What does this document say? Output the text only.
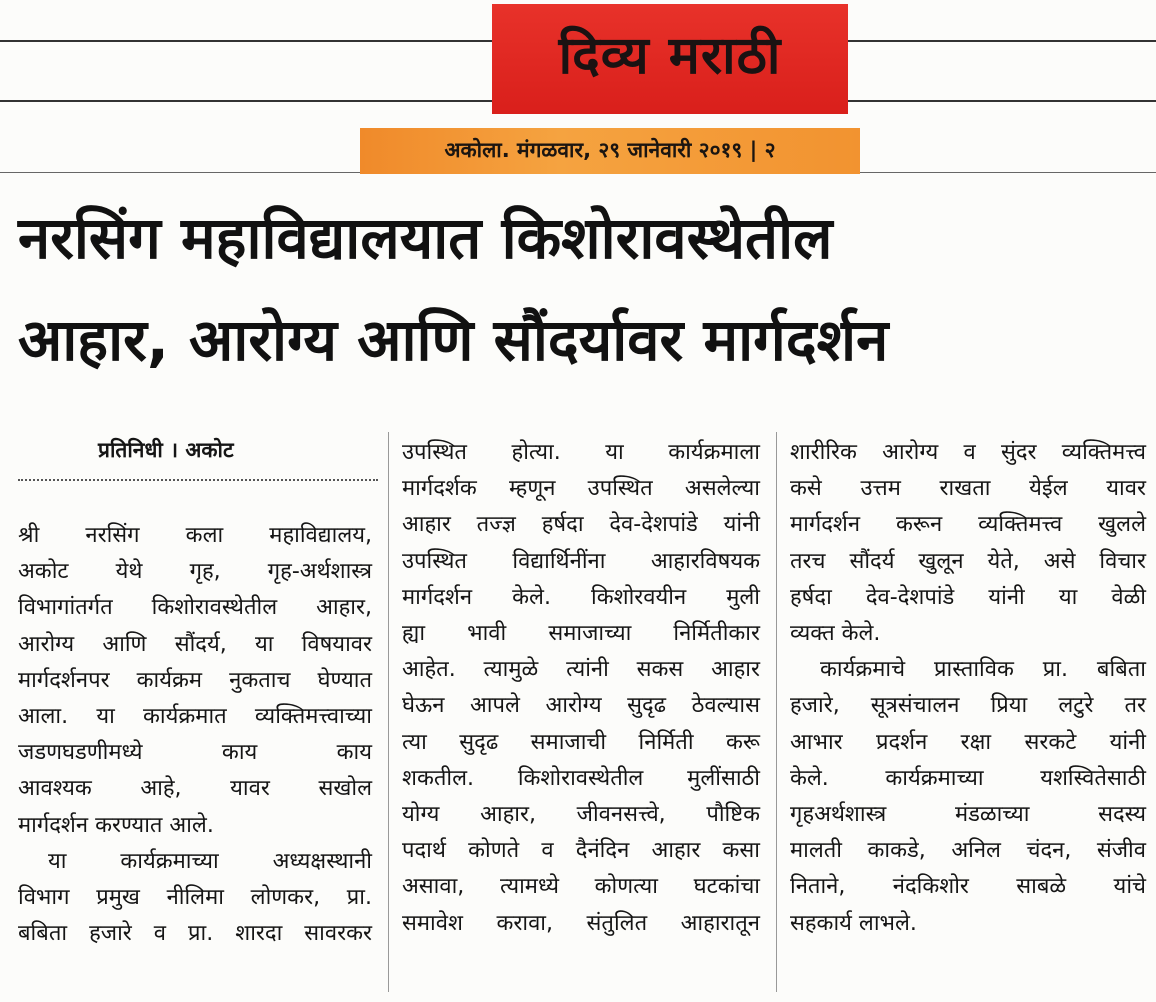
दिव्य मराठी
अकोला. मंगळवार, २९ जानेवारी २०१९ | २
नरसिंग महाविद्यालयात किशोरावस्थेतील
आहार, आरोग्य आणि सौंदर्यावर मार्गदर्शन
प्रतिनिधी । अकोट
श्री नरसिंग कला महाविद्यालय,
अकोट येथे गृह, गृह-अर्थशास्त्र
विभागांतर्गत किशोरावस्थेतील आहार,
आरोग्य आणि सौंदर्य, या विषयावर
मार्गदर्शनपर कार्यक्रम नुकताच घेण्यात
आला. या कार्यक्रमात व्यक्तिमत्त्वाच्या
जडणघडणीमध्ये काय काय
आवश्यक आहे, यावर सखोल
मार्गदर्शन करण्यात आले.
या कार्यक्रमाच्या अध्यक्षस्थानी
विभाग प्रमुख नीलिमा लोणकर, प्रा.
बबिता हजारे व प्रा. शारदा सावरकर
उपस्थित होत्या. या कार्यक्रमाला
मार्गदर्शक म्हणून उपस्थित असलेल्या
आहार तज्ज्ञ हर्षदा देव-देशपांडे यांनी
उपस्थित विद्यार्थिनींना आहारविषयक
मार्गदर्शन केले. किशोरवयीन मुली
ह्या भावी समाजाच्या निर्मितीकार
आहेत. त्यामुळे त्यांनी सकस आहार
घेऊन आपले आरोग्य सुदृढ ठेवल्यास
त्या सुदृढ समाजाची निर्मिती करू
शकतील. किशोरावस्थेतील मुलींसाठी
योग्य आहार, जीवनसत्त्वे, पौष्टिक
पदार्थ कोणते व दैनंदिन आहार कसा
असावा, त्यामध्ये कोणत्या घटकांचा
समावेश करावा, संतुलित आहारातून
शारीरिक आरोग्य व सुंदर व्यक्तिमत्त्व
कसे उत्तम राखता येईल यावर
मार्गदर्शन करून व्यक्तिमत्त्व खुलले
तरच सौंदर्य खुलून येते, असे विचार
हर्षदा देव-देशपांडे यांनी या वेळी
व्यक्त केले.
कार्यक्रमाचे प्रास्ताविक प्रा. बबिता
हजारे, सूत्रसंचालन प्रिया लटुरे तर
आभार प्रदर्शन रक्षा सरकटे यांनी
केले. कार्यक्रमाच्या यशस्वितेसाठी
गृहअर्थशास्त्र मंडळाच्या सदस्य
मालती काकडे, अनिल चंदन, संजीव
निताने, नंदकिशोर साबळे यांचे
सहकार्य लाभले.
